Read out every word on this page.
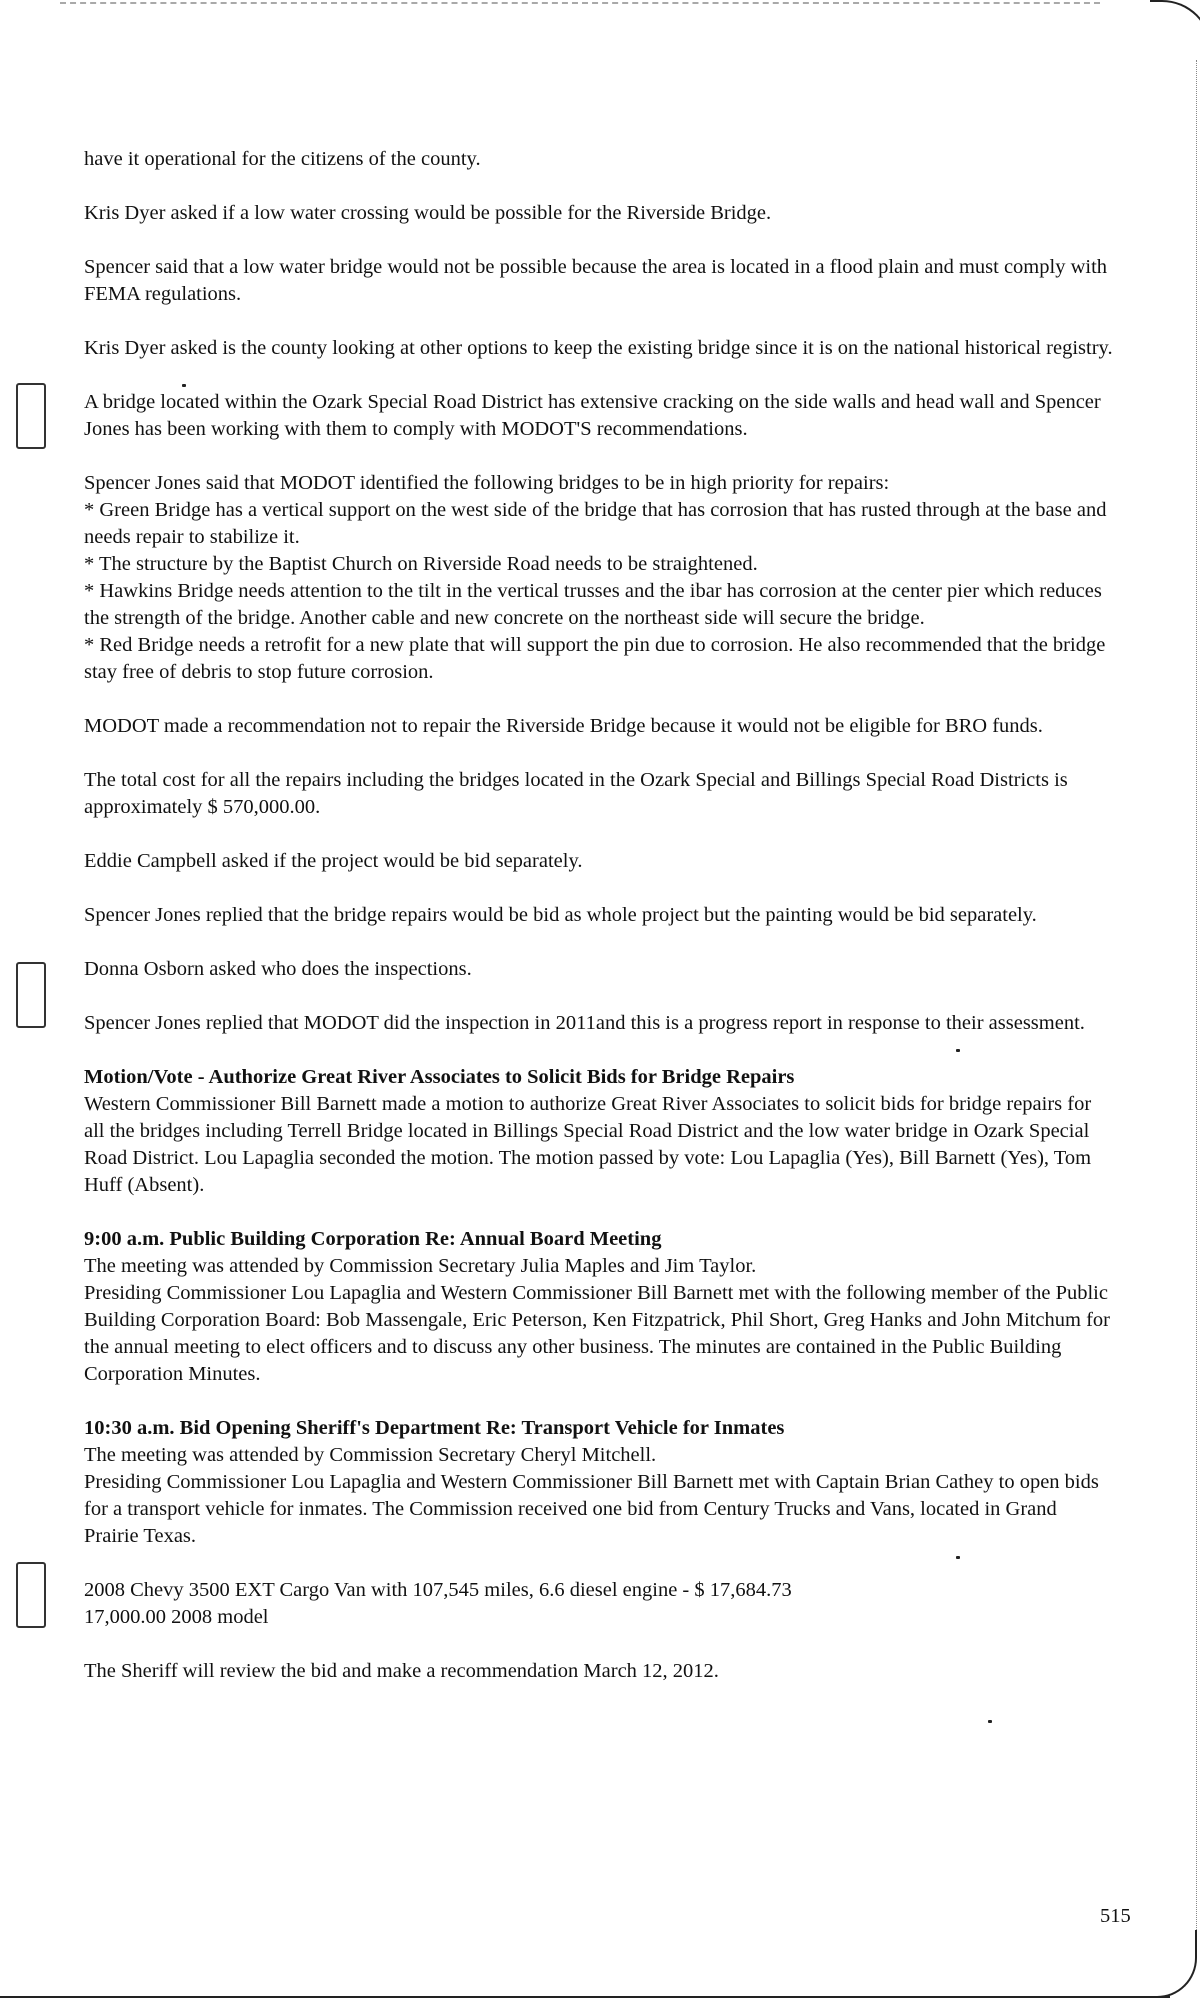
have it operational for the citizens of the county.

Kris Dyer asked if a low water crossing would be possible for the Riverside Bridge.

Spencer said that a low water bridge would not be possible because the area is located in a flood plain and must comply with FEMA regulations.

Kris Dyer asked is the county looking at other options to keep the existing bridge since it is on the national historical registry.

A bridge located within the Ozark Special Road District has extensive cracking on the side walls and head wall and Spencer Jones has been working with them to comply with MODOT'S recommendations.

Spencer Jones said that MODOT identified the following bridges to be in high priority for repairs:

* Green Bridge has a vertical support on the west side of the bridge that has corrosion that has rusted through at the base and needs repair to stabilize it.

* The structure by the Baptist Church on Riverside Road needs to be straightened.

* Hawkins Bridge needs attention to the tilt in the vertical trusses and the ibar has corrosion at the center pier which reduces the strength of the bridge. Another cable and new concrete on the northeast side will secure the bridge.

* Red Bridge needs a retrofit for a new plate that will support the pin due to corrosion. He also recommended that the bridge stay free of debris to stop future corrosion.

MODOT made a recommendation not to repair the Riverside Bridge because it would not be eligible for BRO funds.

The total cost for all the repairs including the bridges located in the Ozark Special and Billings Special Road Districts is approximately $ 570,000.00.

Eddie Campbell asked if the project would be bid separately.

Spencer Jones replied that the bridge repairs would be bid as whole project but the painting would be bid separately.

Donna Osborn asked who does the inspections.

Spencer Jones replied that MODOT did the inspection in 2011and this is a progress report in response to their assessment.

Motion/Vote - Authorize Great River Associates to Solicit Bids for Bridge Repairs

Western Commissioner Bill Barnett made a motion to authorize Great River Associates to solicit bids for bridge repairs for all the bridges including Terrell Bridge located in Billings Special Road District and the low water bridge in Ozark Special Road District. Lou Lapaglia seconded the motion. The motion passed by vote: Lou Lapaglia (Yes), Bill Barnett (Yes), Tom Huff (Absent).

9:00 a.m. Public Building Corporation Re: Annual Board Meeting

The meeting was attended by Commission Secretary Julia Maples and Jim Taylor.

Presiding Commissioner Lou Lapaglia and Western Commissioner Bill Barnett met with the following member of the Public Building Corporation Board: Bob Massengale, Eric Peterson, Ken Fitzpatrick, Phil Short, Greg Hanks and John Mitchum for the annual meeting to elect officers and to discuss any other business. The minutes are contained in the Public Building Corporation Minutes.

10:30 a.m. Bid Opening Sheriff's Department Re: Transport Vehicle for Inmates

The meeting was attended by Commission Secretary Cheryl Mitchell.

Presiding Commissioner Lou Lapaglia and Western Commissioner Bill Barnett met with Captain Brian Cathey to open bids for a transport vehicle for inmates. The Commission received one bid from Century Trucks and Vans, located in Grand Prairie Texas.

2008 Chevy 3500 EXT Cargo Van with 107,545 miles, 6.6 diesel engine - $ 17,684.73

17,000.00 2008 model

The Sheriff will review the bid and make a recommendation March 12, 2012.

515
